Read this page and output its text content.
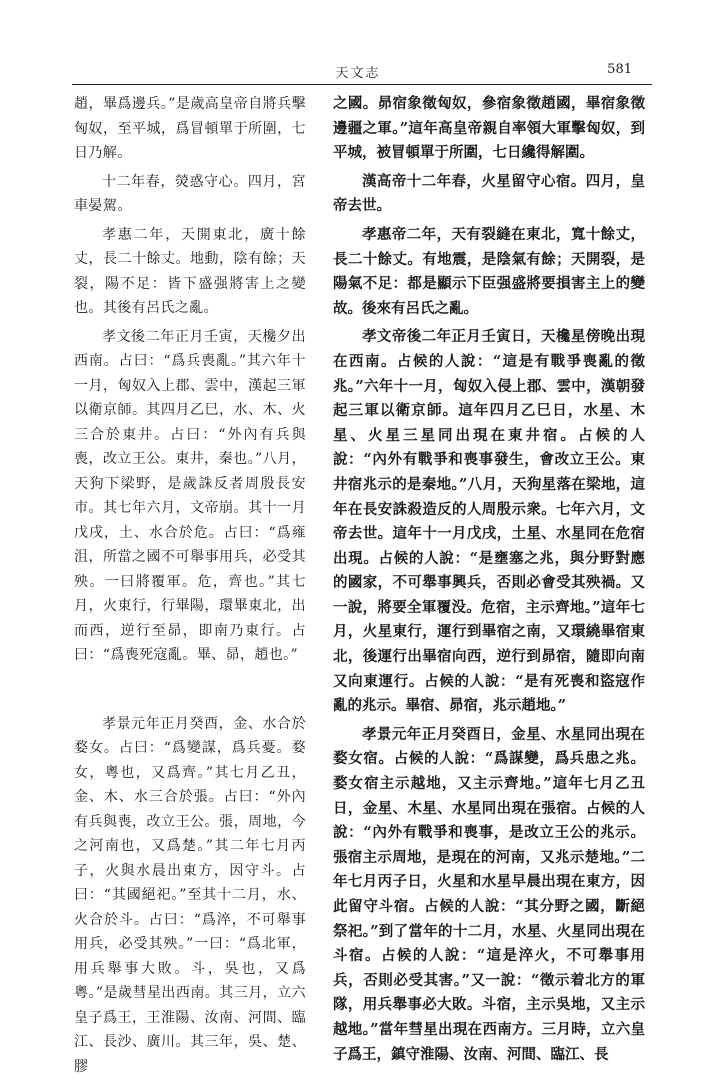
天文志	581

趙，畢爲邊兵。”是歲高皇帝自將兵擊匈奴，至平城，爲冒頓單于所圍，七日乃解。

十二年春，熒惑守心。四月，宮車晏駕。

孝惠二年，天開東北，廣十餘丈，長二十餘丈。地動，陰有餘；天裂，陽不足：皆下盛强將害上之變也。其後有呂氏之亂。

孝文後二年正月壬寅，天欃夕出西南。占曰：“爲兵喪亂。”其六年十一月，匈奴入上郡、雲中，漢起三軍以衛京師。其四月乙巳，水、木、火三合於東井。占曰：“外內有兵與喪，改立王公。東井，秦也。”八月，天狗下梁野，是歲誅反者周殷長安市。其七年六月，文帝崩。其十一月戊戌，土、水合於危。占曰：“爲雍沮，所當之國不可舉事用兵，必受其殃。一曰將覆軍。危，齊也。”其七月，火東行，行畢陽，環畢東北，出而西，逆行至昴，即南乃東行。占曰：“爲喪死寇亂。畢、昴，趙也。”

孝景元年正月癸酉，金、水合於婺女。占曰：“爲變謀，爲兵憂。婺女，粵也，又爲齊。”其七月乙丑，金、木、水三合於張。占曰：“外內有兵與喪，改立王公。張，周地，今之河南也，又爲楚。”其二年七月丙子，火與水晨出東方，因守斗。占曰：“其國絕祀。”至其十二月，水、火合於斗。占曰：“爲淬，不可舉事用兵，必受其殃。”一曰：“爲北軍，用兵舉事大敗。斗，吳也，又爲粵。”是歲彗星出西南。其三月，立六皇子爲王，王淮陽、汝南、河間、臨江、長沙、廣川。其三年，吳、楚、膠

之國。昴宿象徵匈奴，參宿象徵趙國，畢宿象徵邊疆之軍。”這年高皇帝親自率領大軍擊匈奴，到平城，被冒頓單于所圍，七日纔得解圍。

漢高帝十二年春，火星留守心宿。四月，皇帝去世。

孝惠帝二年，天有裂縫在東北，寬十餘丈，長二十餘丈。有地震，是陰氣有餘；天開裂，是陽氣不足：都是顯示下臣强盛將要損害主上的變故。後來有呂氏之亂。

孝文帝後二年正月壬寅日，天欃星傍晚出現在西南。占候的人說：“這是有戰爭喪亂的徵兆。”六年十一月，匈奴入侵上郡、雲中，漢朝發起三軍以衛京師。這年四月乙巳日，水星、木星、火星三星同出現在東井宿。占候的人說：“內外有戰爭和喪事發生，會改立王公。東井宿兆示的是秦地。”八月，天狗星落在梁地，這年在長安誅殺造反的人周殷示衆。七年六月，文帝去世。這年十一月戊戌，土星、水星同在危宿出現。占候的人說：“是壅塞之兆，與分野對應的國家，不可舉事興兵，否則必會受其殃禍。又一說，將要全軍覆没。危宿，主示齊地。”這年七月，火星東行，運行到畢宿之南，又環繞畢宿東北，後運行出畢宿向西，逆行到昴宿，隨即向南又向東運行。占候的人說：“是有死喪和盜寇作亂的兆示。畢宿、昴宿，兆示趙地。”

孝景元年正月癸酉日，金星、水星同出現在婺女宿。占候的人說：“爲謀變，爲兵患之兆。婺女宿主示越地，又主示齊地。”這年七月乙丑日，金星、木星、水星同出現在張宿。占候的人說：“內外有戰爭和喪事，是改立王公的兆示。張宿主示周地，是現在的河南，又兆示楚地。”二年七月丙子日，火星和水星早晨出現在東方，因此留守斗宿。占候的人說：“其分野之國，斷絕祭祀。”到了當年的十二月，水星、火星同出現在斗宿。占候的人說：“這是淬火，不可舉事用兵，否則必受其害。”又一說：“徵示着北方的軍隊，用兵舉事必大敗。斗宿，主示吳地，又主示越地。”當年彗星出現在西南方。三月時，立六皇子爲王，鎮守淮陽、汝南、河間、臨江、長
